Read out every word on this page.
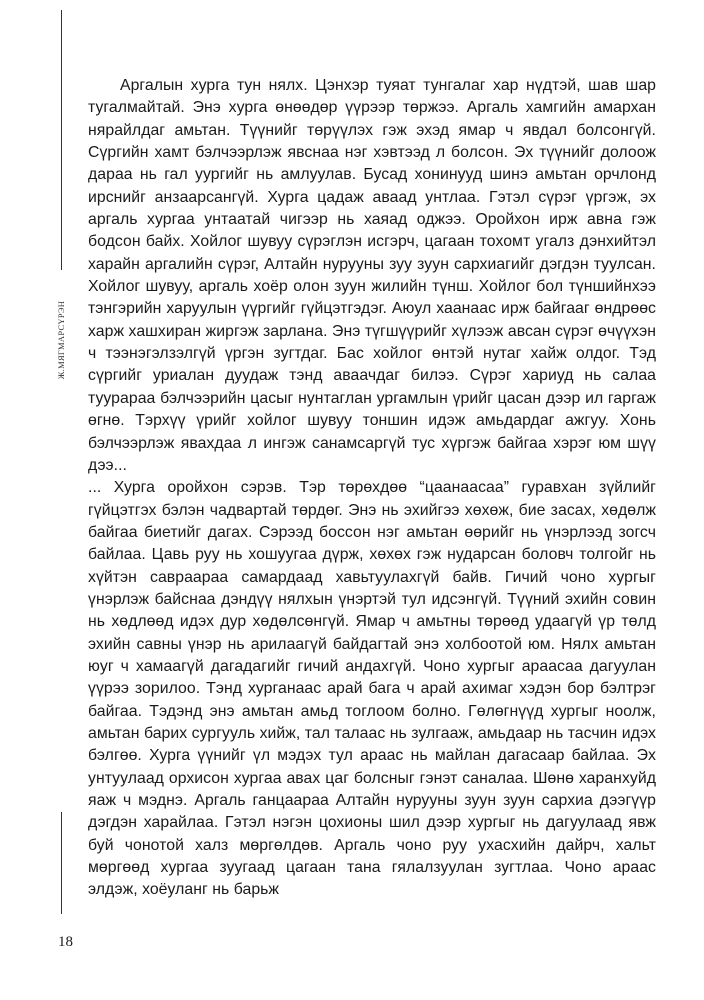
Ж.МЯГМАРСҮРЭН

Аргалын хурга тун нялх. Цэнхэр туяат тунгалаг хар нүдтэй, шав шар тугалмайтай. Энэ хурга өнөөдөр үүрээр төржээ. Аргаль хамгийн амархан нярайлдаг амьтан. Түүнийг төрүүлэх гэж эхэд ямар ч явдал болсонгүй. Сүргийн хамт бэлчээрлэж явснаа нэг хэвтээд л болсон. Эх түүнийг долоож дараа нь гал уургийг нь амлуулав. Бусад хонинууд шинэ амьтан орчлонд ирснийг анзаарсангүй. Хурга цадаж аваад унтлаа. Гэтэл сүрэг үргэж, эх аргаль хургаа унтаатай чигээр нь хаяад оджээ. Оройхон ирж авна гэж бодсон байх. Хойлог шувуу сүрэглэн исгэрч, цагаан тохомт угалз дэнхийтэл харайн аргалийн сүрэг, Алтайн нурууны зуу зуун сархиагийг дэгдэн туулсан. Хойлог шувуу, аргаль хоёр олон зуун жилийн түнш. Хойлог бол түншийнхээ тэнгэрийн харуулын үүргийг гүйцэтгэдэг. Аюул хаанаас ирж байгааг өндрөөс харж хашхиран жиргэж зарлана. Энэ түгшүүрийг хүлээж авсан сүрэг өчүүхэн ч тээнэгэлзэлгүй үргэн зугтдаг. Бас хойлог өнтэй нутаг хайж олдог. Тэд сүргийг уриалан дуудаж тэнд аваачдаг билээ. Сүрэг хариуд нь салаа туурараа бэлчээрийн цасыг нунтаглан ургамлын үрийг цасан дээр ил гаргаж өгнө. Тэрхүү үрийг хойлог шувуу тоншин идэж амьдардаг ажгуу. Хонь бэлчээрлэж явахдаа л ингэж санамсаргүй тус хүргэж байгаа хэрэг юм шүү дээ...

... Хурга оройхон сэрэв. Тэр төрөхдөө “цаанаасаа” гуравхан зүйлийг гүйцэтгэх бэлэн чадвартай төрдөг. Энэ нь эхийгээ хөхөж, бие засах, хөдөлж байгаа биетийг дагах. Сэрээд боссон нэг амьтан өөрийг нь үнэрлээд зогсч байлаа. Цавь руу нь хошуугаа дүрж, хөхөх гэж нударсан боловч толгойг нь хүйтэн савраараа самардаад хавьтуулахгүй байв. Гичий чоно хургыг үнэрлэж байснаа дэндүү нялхын үнэртэй тул идсэнгүй. Түүний эхийн совин нь хөдлөөд идэх дур хөдөлсөнгүй. Ямар ч амьтны төрөөд удаагүй үр төлд эхийн савны үнэр нь арилаагүй байдагтай энэ холбоотой юм. Нялх амьтан юуг ч хамаагүй дагадагийг гичий андахгүй. Чоно хургыг араасаа дагуулан үүрээ зорилоо. Тэнд хурганаас арай бага ч арай ахимаг хэдэн бор бэлтрэг байгаа. Тэдэнд энэ амьтан амьд тоглоом болно. Гөлөгнүүд хургыг ноолж, амьтан барих сургууль хийж, тал талаас нь зулгааж, амьдаар нь тасчин идэх бэлгөө. Хурга үүнийг үл мэдэх тул араас нь майлан дагасаар байлаа. Эх унтуулаад орхисон хургаа авах цаг болсныг гэнэт саналаа. Шөнө харанхуйд яаж ч мэднэ. Аргаль ганцаараа Алтайн нурууны зуун зуун сархиа дээгүүр дэгдэн харайлаа. Гэтэл нэгэн цохионы шил дээр хургыг нь дагуулаад явж буй чонотой халз мөргөлдөв. Аргаль чоно руу ухасхийн дайрч, хальт мөргөөд хургаа зуугаад цагаан тана гялалзуулан зугтлаа. Чоно араас элдэж, хоёуланг нь барьж

18
